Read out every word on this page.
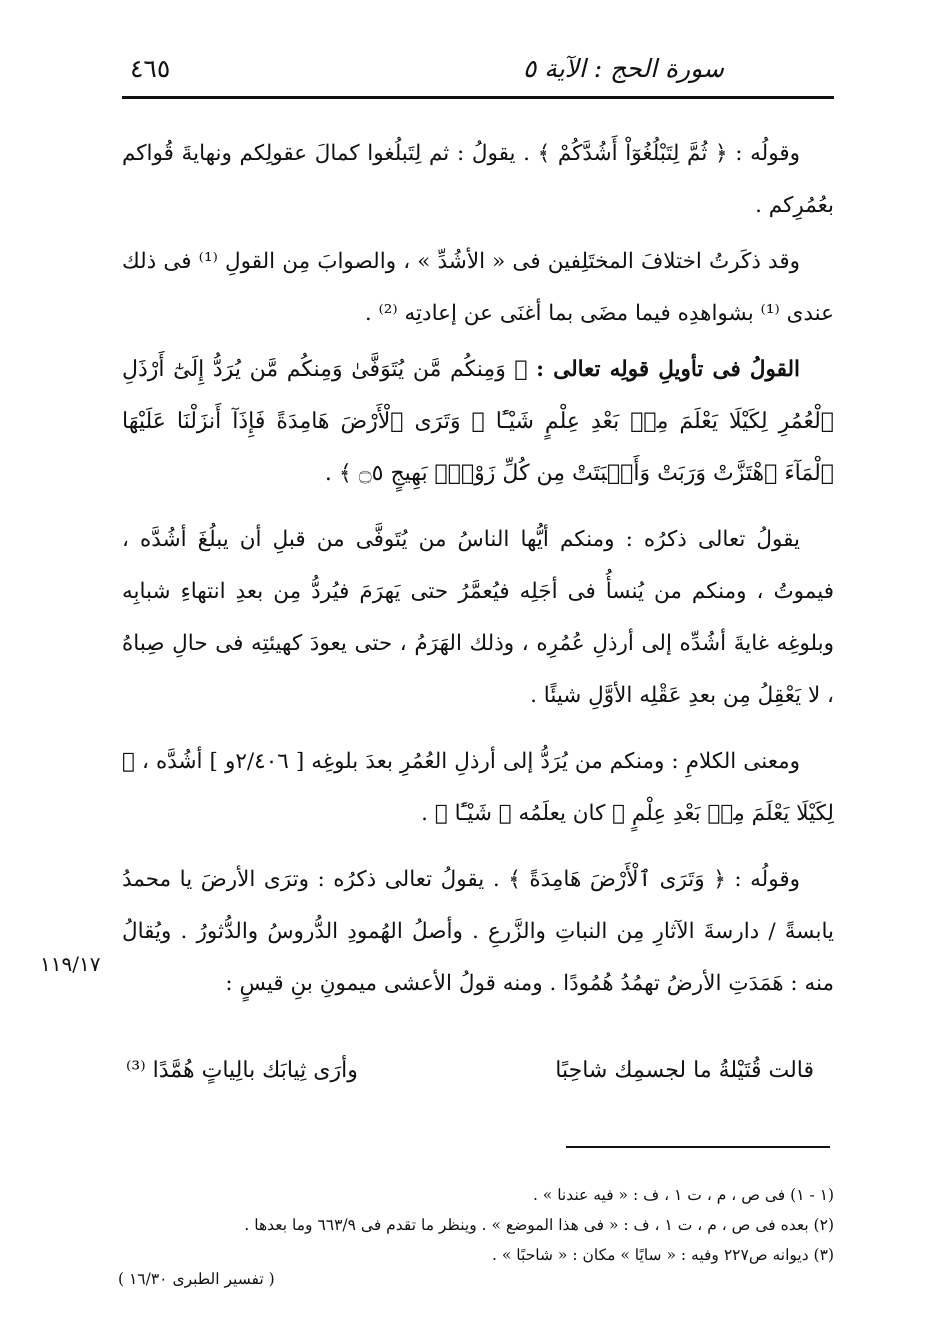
سورة الحج : الآية ٥
٤٦٥

وقولُه : ﴿ ثُمَّ لِتَبْلُغُوٓاْ أَشُدَّكُمْ ﴾ . يقولُ : ثم لِتَبلُغوا كمالَ عقولِكم ونهايةَ قُواكم بعُمُرِكم .

وقد ذكَرتُ اختلافَ المختَلِفين فى « الأشُدِّ » ، والصوابَ مِن القولِ ⁽¹⁾ فى ذلك عندى ⁽¹⁾ بشواهدِه فيما مضَى بما أغنَى عن إعادتِه ⁽²⁾ .

القولُ فى تأويلِ قولِه تعالى : ﴿ وَمِنكُم مَّن يُتَوَفَّىٰ وَمِنكُم مَّن يُرَدُّ إِلَىٰٓ أَرْذَلِ ٱلْعُمُرِ لِكَيْلَا يَعْلَمَ مِنۢ بَعْدِ عِلْمٍ شَيْـًٔا ۚ وَتَرَى ٱلْأَرْضَ هَامِدَةً فَإِذَآ أَنزَلْنَا عَلَيْهَا ٱلْمَآءَ ٱهْتَزَّتْ وَرَبَتْ وَأَنۢبَتَتْ مِن كُلِّ زَوْجٍۭ بَهِيجٍ ۝٥ ﴾ .

يقولُ تعالى ذكرُه : ومنكم أيُّها الناسُ من يُتَوفَّى من قبلِ أن يبلُغَ أشُدَّه ، فيموتُ ، ومنكم من يُنسأُ فى أجَلِه فيُعمَّرُ حتى يَهرَمَ فيُردُّ مِن بعدِ انتهاءِ شبابِه وبلوغِه غايةَ أشُدِّه إلى أرذلِ عُمُرِه ، وذلك الهَرَمُ ، حتى يعودَ كهيئتِه فى حالِ صِباهُ ، لا يَعْقِلُ مِن بعدِ عَقْلِه الأوَّلِ شيئًا .

ومعنى الكلامِ : ومنكم من يُرَدُّ إلى أرذلِ العُمُرِ بعدَ بلوغِه [ ٢/٤٠٦و ] أشُدَّه ، ﴿ لِكَيْلَا يَعْلَمَ مِنۢ بَعْدِ عِلْمٍ ﴾ كان يعلَمُه ﴿ شَيْـًٔا ﴾ .

وقولُه : ﴿ وَتَرَى ٱلْأَرْضَ هَامِدَةً ﴾ . يقولُ تعالى ذكرُه : وترَى الأرضَ يا محمدُ يابسةً / دارسةَ الآثارِ مِن النباتِ والزَّرعِ . وأصلُ الهُمودِ الدُّروسُ والدُّثورُ . ويُقالُ منه : هَمَدَتِ الأرضُ تهمُدُ هُمُودًا . ومنه قولُ الأعشى ميمونِ بنِ قيسٍ :

قالت قُتَيْلةُ ما لجسمِك شاحِبًا
وأرَى ثِيابَك بالِياتٍ هُمَّدًا ⁽³⁾
١١٩/١٧
(١ - ١) فى ص ، م ، ت ١ ، ف : « فيه عندنا » .
(٢) بعده فى ص ، م ، ت ١ ، ف : « فى هذا الموضع » . وينظر ما تقدم فى ٦٦٣/٩ وما بعدها .
(٣) ديوانه ص٢٢٧ وفيه : « سايًا » مكان : « شاحبًا » .
( تفسير الطبرى ١٦/٣٠ )
